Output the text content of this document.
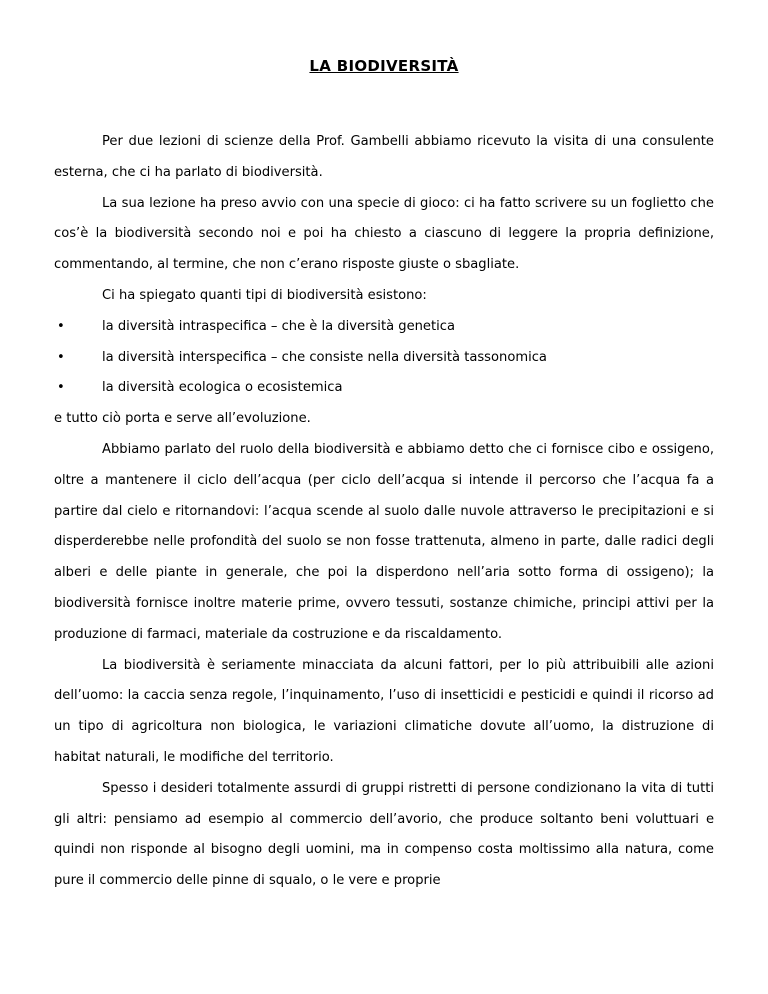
LA BIODIVERSITÀ

Per due lezioni di scienze della Prof. Gambelli abbiamo ricevuto la visita di una consulente esterna, che ci ha parlato di biodiversità.

La sua lezione ha preso avvio con una specie di gioco: ci ha fatto scrivere su un foglietto che cos’è la biodiversità secondo noi e poi ha chiesto a ciascuno di leggere la propria definizione, commentando, al termine, che non c’erano risposte giuste o sbagliate.

Ci ha spiegato quanti tipi di biodiversità esistono:

•	la diversità intraspecifica – che è la diversità genetica
•	la diversità interspecifica – che consiste nella diversità tassonomica
•	la diversità ecologica o ecosistemica

e tutto ciò porta e serve all’evoluzione.

Abbiamo parlato del ruolo della biodiversità e abbiamo detto che ci fornisce cibo e ossigeno, oltre a mantenere il ciclo dell’acqua (per ciclo dell’acqua si intende il percorso che l’acqua fa a partire dal cielo e ritornandovi: l’acqua scende al suolo dalle nuvole attraverso le precipitazioni e si disperderebbe nelle profondità del suolo se non fosse trattenuta, almeno in parte, dalle radici degli alberi e delle piante in generale, che poi la disperdono nell’aria sotto forma di ossigeno); la biodiversità fornisce inoltre materie prime, ovvero tessuti, sostanze chimiche, principi attivi per la produzione di farmaci, materiale da costruzione e da riscaldamento.

La biodiversità è seriamente minacciata da alcuni fattori, per lo più attribuibili alle azioni dell’uomo: la caccia senza regole, l’inquinamento, l’uso di insetticidi e pesticidi e quindi il ricorso ad un tipo di agricoltura non biologica, le variazioni climatiche dovute all’uomo, la distruzione di habitat naturali, le modifiche del territorio.

Spesso i desideri totalmente assurdi di gruppi ristretti di persone condizionano la vita di tutti gli altri: pensiamo ad esempio al commercio dell’avorio, che produce soltanto beni voluttuari e quindi non risponde al bisogno degli uomini, ma in compenso costa moltissimo alla natura, come pure il commercio delle pinne di squalo, o le vere e proprie
